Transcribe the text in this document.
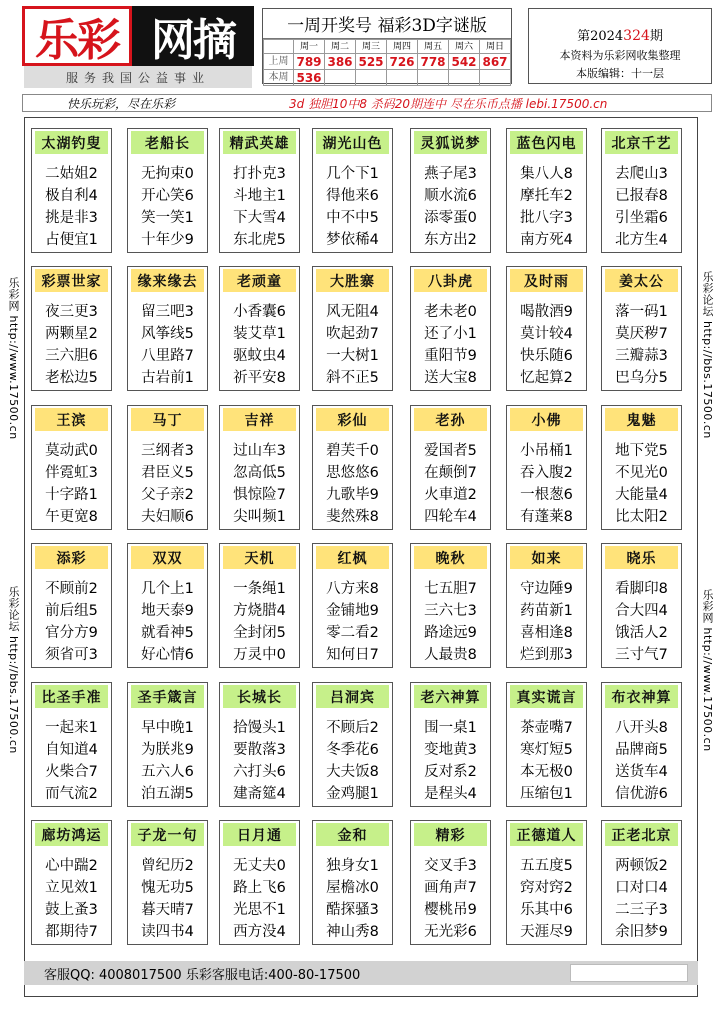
乐彩 网摘
服务我国公益事业
一周开奖号 福彩3D字谜版
	周一	周二	周三	周四	周五	周六	周日
上周	789	386	525	726	778	542	867
本周	536						
第2024324期
本资料为乐彩网收集整理
本版编辑：十一层
快乐玩彩，尽在乐彩	3d 独胆10中8 杀码20期连中 尽在乐币点播 lebi.17500.cn
乐彩网 http://www.17500.cn
乐彩论坛 http://bbs.17500.cn
乐彩论坛 http://bbs.17500.cn
乐彩网 http://www.17500.cn
太湖钓叟
二姑姐2
极自利4
挑是非3
占便宜1
老船长
无拘束0
开心笑6
笑一笑1
十年少9
精武英雄
打扑克3
斗地主1
下大雪4
东北虎5
湖光山色
几个下1
得他来6
中不中5
梦依稀4
灵狐说梦
燕子尾3
顺水流6
添零蛋0
东方出2
蓝色闪电
集八人8
摩托车2
批八字3
南方死4
北京千艺
去爬山3
已报春8
引坐霜6
北方生4
彩票世家
夜三更3
两颗星2
三六胆6
老松边5
缘来缘去
留三吧3
风筝线5
八里路7
古岩前1
老顽童
小香囊6
装艾草1
驱蚊虫4
祈平安8
大胜寨
风无阻4
吹起劲7
一大树1
斜不正5
八卦虎
老未老0
还了小1
重阳节9
送大宝8
及时雨
喝散酒9
莫计较4
快乐随6
忆起算2
姜太公
落一码1
莫厌秽7
三瓣蒜3
巴乌分5
王滨
莫动武0
伴霓虹3
十字路1
午更宽8
马丁
三纲者3
君臣义5
父子亲2
夫妇顺6
吉祥
过山车3
忽高低5
惧惊险7
尖叫频1
彩仙
碧芙千0
思悠悠6
九歌毕9
斐然殊8
老孙
爱国者5
在颠倒7
火車道2
四轮车4
小佛
小吊桶1
吞入腹2
一根葱6
有蓬莱8
鬼魅
地下党5
不见光0
大能量4
比太阳2
添彩
不顾前2
前后组5
官分方9
须省可3
双双
几个上1
地天泰9
就看神5
好心情6
天机
一条绳1
方烧腊4
全封闭5
万灵中0
红枫
八方来8
金铺地9
零二看2
知何日7
晚秋
七五胆7
三六七3
路途远9
人最贵8
如来
守边陲9
药苗新1
喜相逢8
烂到那3
晓乐
看脚印8
合大四4
饿活人2
三寸气7
比圣手准
一起来1
自知道4
火柴合7
而气流2
圣手箴言
早中晚1
为朕兆9
五六人6
泊五湖5
长城长
拾馒头1
要散落3
六打头6
建斋筵4
吕洞宾
不顾后2
冬季花6
大夫饭8
金鸡腿1
老六神算
围一桌1
变地黄3
反对系2
是程头4
真实谎言
茶壶嘴7
寒灯短5
本无极0
压缩包1
布衣神算
八开头8
品牌商5
送货车4
信优游6
廊坊鸿运
心中踹2
立见效1
鼓上蚤3
都期待7
子龙一句
曾纪历2
愧无功5
暮天晴7
读四书4
日月通
无丈夫0
路上飞6
光思不1
西方没4
金和
独身女1
屋檐冰0
酷探骚3
神山秀8
精彩
交叉手3
画角声7
樱桃吊9
无光彩6
正德道人
五五度5
窍对窍2
乐其中6
天涯尽9
正老北京
两顿饭2
口对口4
二三子3
余旧梦9
客服QQ: 4008017500 乐彩客服电话:400-80-17500
